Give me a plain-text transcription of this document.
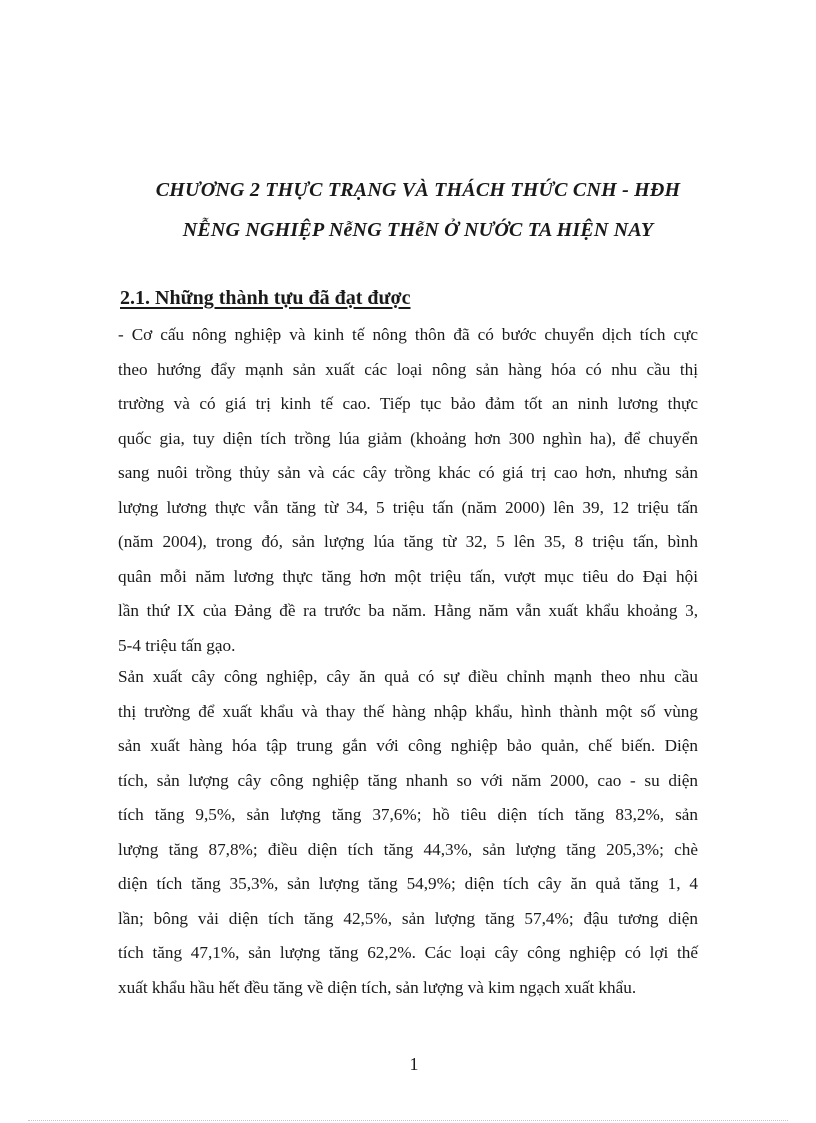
CHƯƠNG 2 THỰC TRẠNG VÀ THÁCH THỨC CNH - HĐH
NỄNG NGHIỆP NễNG THễN Ở NƯỚC TA HIỆN NAY
2.1. Những thành tựu đã đạt được
- Cơ cấu nông nghiệp và kinh tế nông thôn đã có bước chuyển dịch tích cực
theo hướng đẩy mạnh sản xuất các loại nông sản hàng hóa có nhu cầu thị
trường và có giá trị kinh tế cao. Tiếp tục bảo đảm tốt an ninh lương thực
quốc gia, tuy diện tích trồng lúa giảm (khoảng hơn 300 nghìn ha), để chuyển
sang nuôi trồng thủy sản và các cây trồng khác có giá trị cao hơn, nhưng sản
lượng lương thực vẫn tăng từ 34, 5 triệu tấn (năm 2000) lên 39, 12 triệu tấn
(năm 2004), trong đó, sản lượng lúa tăng từ 32, 5 lên 35, 8 triệu tấn, bình
quân mỗi năm lương thực tăng hơn một triệu tấn, vượt mục tiêu do Đại hội
lần thứ IX của Đảng đề ra trước ba năm. Hằng năm vẫn xuất khẩu khoảng 3,
5-4 triệu tấn gạo.
Sản xuất cây công nghiệp, cây ăn quả có sự điều chỉnh mạnh theo nhu cầu
thị trường để xuất khẩu và thay thế hàng nhập khẩu, hình thành một số vùng
sản xuất hàng hóa tập trung gắn với công nghiệp bảo quản, chế biến. Diện
tích, sản lượng cây công nghiệp tăng nhanh so với năm 2000, cao - su diện
tích tăng 9,5%, sản lượng tăng 37,6%; hồ tiêu diện tích tăng 83,2%, sản
lượng tăng 87,8%; điều diện tích tăng 44,3%, sản lượng tăng 205,3%; chè
diện tích tăng 35,3%, sản lượng tăng 54,9%; diện tích cây ăn quả tăng 1, 4
lần; bông vải diện tích tăng 42,5%, sản lượng tăng 57,4%; đậu tương diện
tích tăng 47,1%, sản lượng tăng 62,2%. Các loại cây công nghiệp có lợi thế
xuất khẩu hầu hết đều tăng về diện tích, sản lượng và kim ngạch xuất khẩu.
1
